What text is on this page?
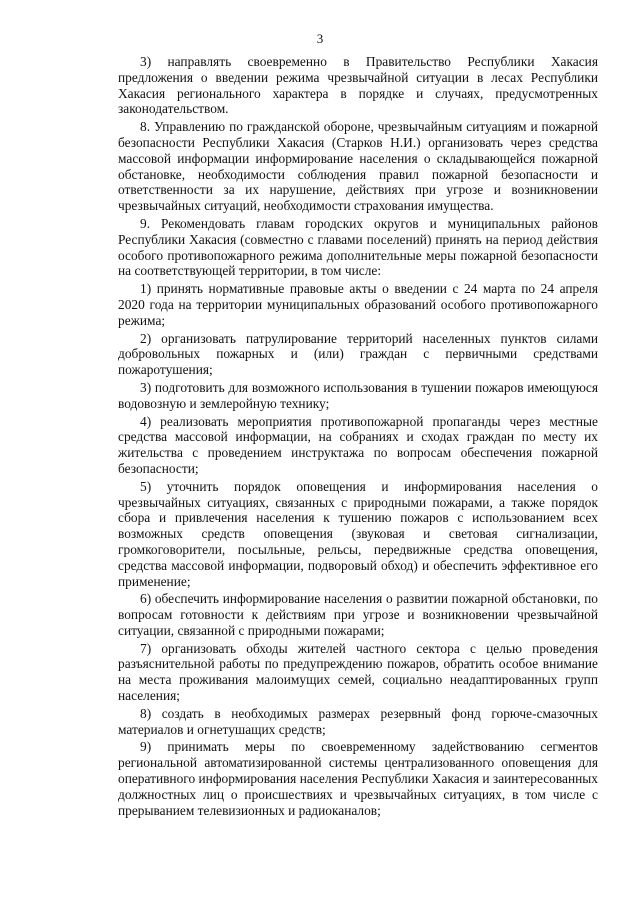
3

3) направлять своевременно в Правительство Республики Хакасия предложения о введении режима чрезвычайной ситуации в лесах Республики Хакасия регионального характера в порядке и случаях, предусмотренных законодательством.

8. Управлению по гражданской обороне, чрезвычайным ситуациям и пожарной безопасности Республики Хакасия (Старков Н.И.) организовать через средства массовой информации информирование населения о складывающейся пожарной обстановке, необходимости соблюдения правил пожарной безопасности и ответственности за их нарушение, действиях при угрозе и возникновении чрезвычайных ситуаций, необходимости страхования имущества.

9. Рекомендовать главам городских округов и муниципальных районов Республики Хакасия (совместно с главами поселений) принять на период действия особого противопожарного режима дополнительные меры пожарной безопасности на соответствующей территории, в том числе:

1) принять нормативные правовые акты о введении с 24 марта по 24 апреля 2020 года на территории муниципальных образований особого противопожарного режима;

2) организовать патрулирование территорий населенных пунктов силами добровольных пожарных и (или) граждан с первичными средствами пожаротушения;

3) подготовить для возможного использования в тушении пожаров имеющуюся водовозную и землеройную технику;

4) реализовать мероприятия противопожарной пропаганды через местные средства массовой информации, на собраниях и сходах граждан по месту их жительства с проведением инструктажа по вопросам обеспечения пожарной безопасности;

5) уточнить порядок оповещения и информирования населения о чрезвычайных ситуациях, связанных с природными пожарами, а также порядок сбора и привлечения населения к тушению пожаров с использованием всех возможных средств оповещения (звуковая и световая сигнализации, громкоговорители, посыльные, рельсы, передвижные средства оповещения, средства массовой информации, подворовый обход) и обеспечить эффективное его применение;

6) обеспечить информирование населения о развитии пожарной обстановки, по вопросам готовности к действиям при угрозе и возникновении чрезвычайной ситуации, связанной с природными пожарами;

7) организовать обходы жителей частного сектора с целью проведения разъяснительной работы по предупреждению пожаров, обратить особое внимание на места проживания малоимущих семей, социально неадаптированных групп населения;

8) создать в необходимых размерах резервный фонд горюче-смазочных материалов и огнетушащих средств;

9) принимать меры по своевременному задействованию сегментов региональной автоматизированной системы централизованного оповещения для оперативного информирования населения Республики Хакасия и заинтересованных должностных лиц о происшествиях и чрезвычайных ситуациях, в том числе с прерыванием телевизионных и радиоканалов;
